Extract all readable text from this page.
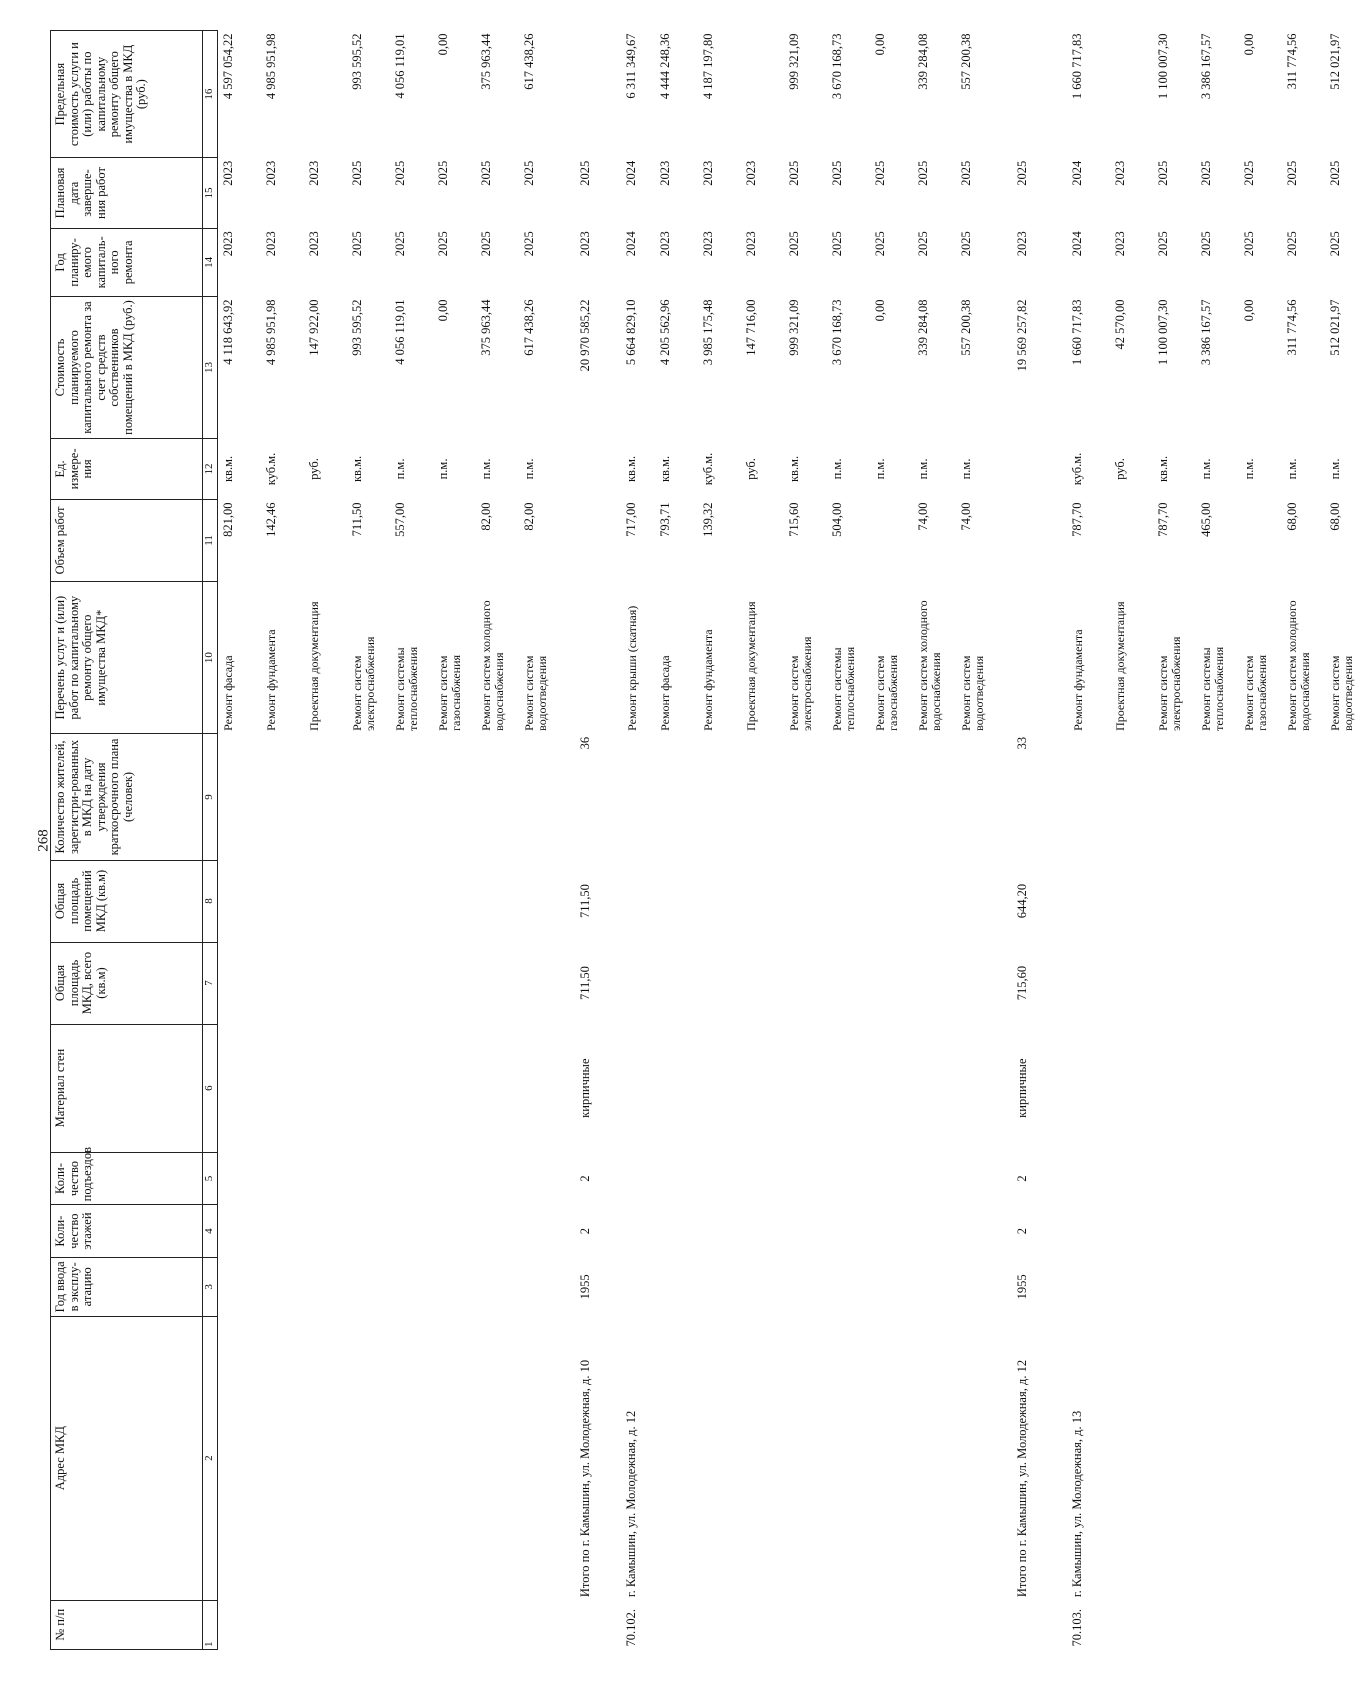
268
№ п/п	Адрес МКД	Год ввода в эксплу-атацию	Коли-чество этажей	Коли-чество подъездов	Материал стен	Общая площадь МКД, всего (кв.м)	Общая площадь помещений МКД (кв.м)	Количество жителей, зарегистри-рованных в МКД на дату утверждения краткосрочного плана (человек)	Перечень услуг и (или) работ по капитальному ремонту общего имущества МКД*	Объем работ	Ед. измере-ния	Стоимость планируемого капитального ремонта за счет средств собственников помещений в МКД (руб.)	Год планиру-емого капиталь-ного ремонта	Плановая дата заверше-ния работ	Предельная стоимость услуги и (или) работы по капитальному ремонту общего имущества в МКД (руб.)
1	2	3	4	5	6	7	8	9	10	11	12	13	14	15	16
									Ремонт фасада	821,00	кв.м.	4 118 643,92	2023	2023	4 597 054,22
									Ремонт фундамента	142,46	куб.м.	4 985 951,98	2023	2023	4 985 951,98
									Проектная документация		руб.	147 922,00	2023	2023	
									Ремонт систем электроснабжения	711,50	кв.м.	993 595,52	2025	2025	993 595,52
									Ремонт системы теплоснабжения	557,00	п.м.	4 056 119,01	2025	2025	4 056 119,01
									Ремонт систем газоснабжения		п.м.	0,00	2025	2025	0,00
									Ремонт систем холодного водоснабжения	82,00	п.м.	375 963,44	2025	2025	375 963,44
									Ремонт систем водоотведения	82,00	п.м.	617 438,26	2025	2025	617 438,26
	Итого по г. Камышин, ул. Молодежная, д. 10	1955	2	2	кирпичные	711,50	711,50	36				20 970 585,22	2023	2025	
70.102.	г. Камышин, ул. Молодежная, д. 12								Ремонт крыши (скатная)	717,00	кв.м.	5 664 829,10	2024	2024	6 311 349,67
									Ремонт фасада	793,71	кв.м.	4 205 562,96	2023	2023	4 444 248,36
									Ремонт фундамента	139,32	куб.м.	3 985 175,48	2023	2023	4 187 197,80
									Проектная документация		руб.	147 716,00	2023	2023	
									Ремонт систем электроснабжения	715,60	кв.м.	999 321,09	2025	2025	999 321,09
									Ремонт системы теплоснабжения	504,00	п.м.	3 670 168,73	2025	2025	3 670 168,73
									Ремонт систем газоснабжения		п.м.	0,00	2025	2025	0,00
									Ремонт систем холодного водоснабжения	74,00	п.м.	339 284,08	2025	2025	339 284,08
									Ремонт систем водоотведения	74,00	п.м.	557 200,38	2025	2025	557 200,38
	Итого по г. Камышин, ул. Молодежная, д. 12	1955	2	2	кирпичные	715,60	644,20	33				19 569 257,82	2023	2025	
70.103.	г. Камышин, ул. Молодежная, д. 13								Ремонт фундамента	787,70	куб.м.	1 660 717,83	2024	2024	1 660 717,83
									Проектная документация		руб.	42 570,00	2023	2023	
									Ремонт систем электроснабжения	787,70	кв.м.	1 100 007,30	2025	2025	1 100 007,30
									Ремонт системы теплоснабжения	465,00	п.м.	3 386 167,57	2025	2025	3 386 167,57
									Ремонт систем газоснабжения		п.м.	0,00	2025	2025	0,00
									Ремонт систем холодного водоснабжения	68,00	п.м.	311 774,56	2025	2025	311 774,56
									Ремонт систем водоотведения	68,00	п.м.	512 021,97	2025	2025	512 021,97
